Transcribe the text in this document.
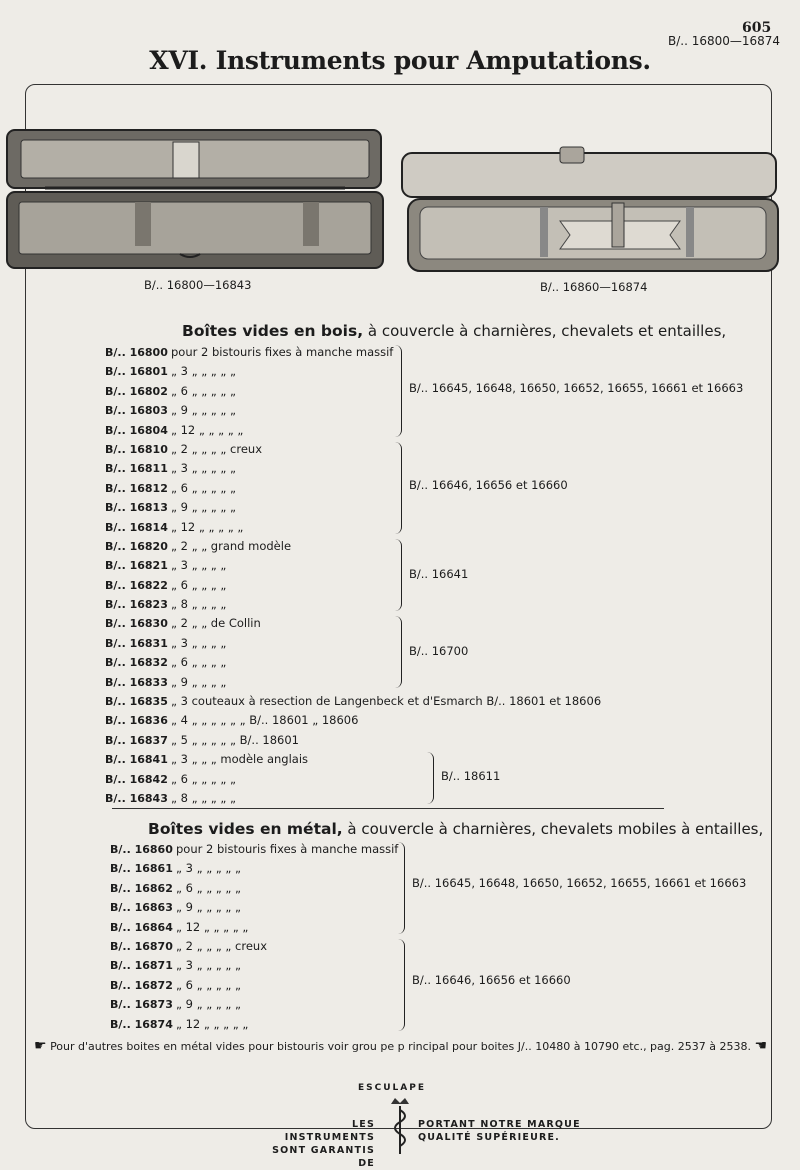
605
B/.. 16800—16874
XVI. Instruments pour Amputations.
B/.. 16800—16843	B/.. 16860—16874
Boîtes vides en bois, à couvercle à charnières, chevalets et entailles,
B/.. 16800 pour 2 bistouris fixes à manche massif
B/.. 16801 „ 3 „ „ „ „ „
B/.. 16802 „ 6 „ „ „ „ „
B/.. 16803 „ 9 „ „ „ „ „
B/.. 16804 „ 12 „ „ „ „ „
B/.. 16810 „ 2 „ „ „ „ creux
B/.. 16811 „ 3 „ „ „ „ „
B/.. 16812 „ 6 „ „ „ „ „
B/.. 16813 „ 9 „ „ „ „ „
B/.. 16814 „ 12 „ „ „ „ „
B/.. 16820 „ 2 „ „ grand modèle
B/.. 16821 „ 3 „ „ „ „
B/.. 16822 „ 6 „ „ „ „
B/.. 16823 „ 8 „ „ „ „
B/.. 16830 „ 2 „ „ de Collin
B/.. 16831 „ 3 „ „ „ „
B/.. 16832 „ 6 „ „ „ „
B/.. 16833 „ 9 „ „ „ „
B/.. 16835 „ 3 couteaux à resection de Langenbeck et d'Esmarch B/.. 18601 et 18606
B/.. 16836 „ 4 „ „ „ „ „ „ B/.. 18601 „ 18606
B/.. 16837 „ 5 „ „ „ „ „ B/.. 18601
B/.. 16841 „ 3 „ „ „ modèle anglais
B/.. 16842 „ 6 „ „ „ „ „
B/.. 16843 „ 8 „ „ „ „ „
B/.. 16645, 16648, 16650, 16652, 16655, 16661 et 16663
B/.. 16646, 16656 et 16660
B/.. 16641
B/.. 16700
B/.. 18611
Boîtes vides en métal, à couvercle à charnières, chevalets mobiles à entailles,
B/.. 16860 pour 2 bistouris fixes à manche massif
B/.. 16861 „ 3 „ „ „ „ „
B/.. 16862 „ 6 „ „ „ „ „
B/.. 16863 „ 9 „ „ „ „ „
B/.. 16864 „ 12 „ „ „ „ „
B/.. 16870 „ 2 „ „ „ „ creux
B/.. 16871 „ 3 „ „ „ „ „
B/.. 16872 „ 6 „ „ „ „ „
B/.. 16873 „ 9 „ „ „ „ „
B/.. 16874 „ 12 „ „ „ „ „
B/.. 16645, 16648, 16650, 16652, 16655, 16661 et 16663
B/.. 16646, 16656 et 16660
☛ Pour d'autres boites en métal vides pour bistouris voir grou pe p rincipal pour boites J/.. 10480 à 10790 etc., pag. 2537 à 2538. ☚
ESCULAPE
LES INSTRUMENTS
SONT GARANTIS DE
PORTANT NOTRE MARQUE
QUALITÉ SUPÉRIEURE.
